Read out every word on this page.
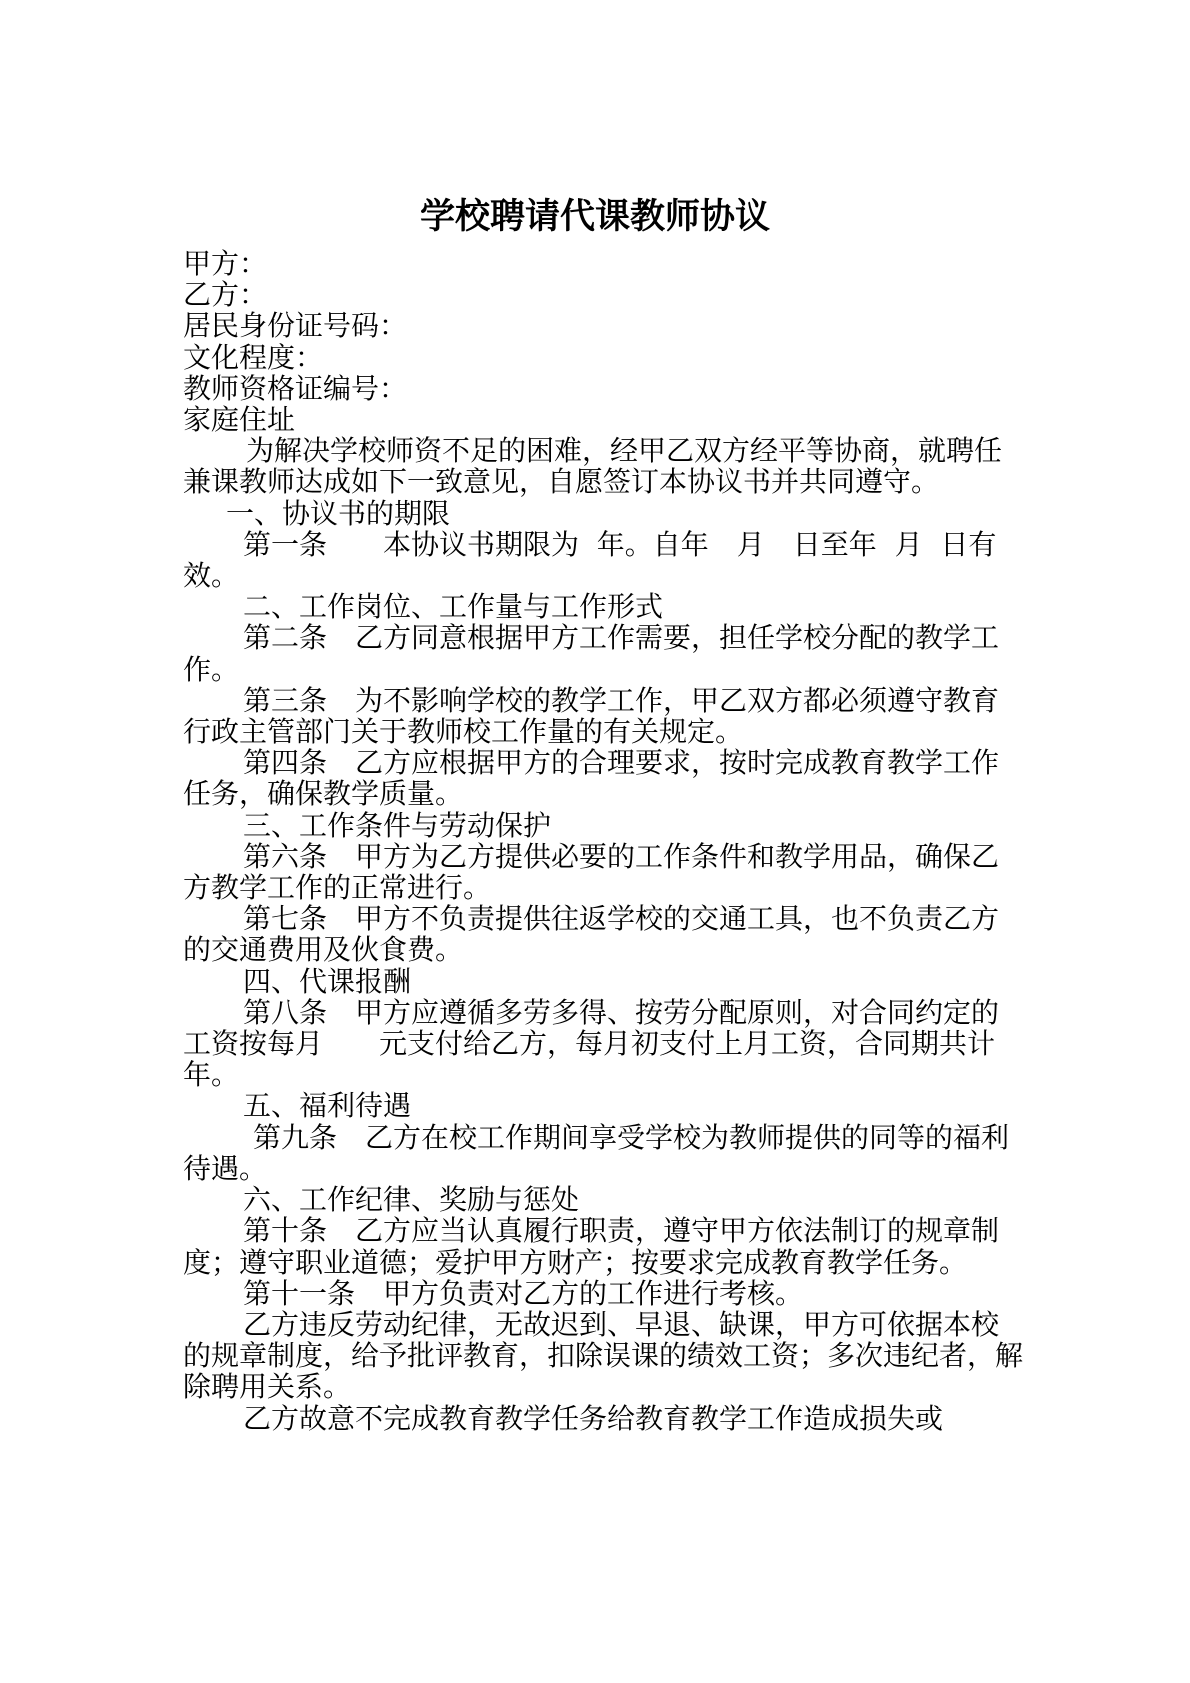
学校聘请代课教师协议
甲方：
乙方：
居民身份证号码：
文化程度：
教师资格证编号：
家庭住址
为解决学校师资不足的困难，经甲乙双方经平等协商，就聘任兼课教师达成如下一致意见，自愿签订本协议书并共同遵守。
一、协议书的期限
第一条　　本协议书期限为  年。自年　月　日至年  月  日有效。
二、工作岗位、工作量与工作形式
第二条　乙方同意根据甲方工作需要，担任学校分配的教学工作。
第三条　为不影响学校的教学工作，甲乙双方都必须遵守教育行政主管部门关于教师校工作量的有关规定。
第四条　乙方应根据甲方的合理要求，按时完成教育教学工作任务，确保教学质量。
三、工作条件与劳动保护
第六条　甲方为乙方提供必要的工作条件和教学用品，确保乙方教学工作的正常进行。
第七条　甲方不负责提供往返学校的交通工具，也不负责乙方的交通费用及伙食费。
四、代课报酬
第八条　甲方应遵循多劳多得、按劳分配原则，对合同约定的工资按每月　　元支付给乙方，每月初支付上月工资，合同期共计　年。
五、福利待遇
第九条　乙方在校工作期间享受学校为教师提供的同等的福利待遇。
六、工作纪律、奖励与惩处
第十条　乙方应当认真履行职责，遵守甲方依法制订的规章制度；遵守职业道德；爱护甲方财产；按要求完成教育教学任务。
第十一条　甲方负责对乙方的工作进行考核。
乙方违反劳动纪律，无故迟到、早退、缺课，甲方可依据本校的规章制度，给予批评教育，扣除误课的绩效工资；多次违纪者，解除聘用关系。
乙方故意不完成教育教学任务给教育教学工作造成损失或
